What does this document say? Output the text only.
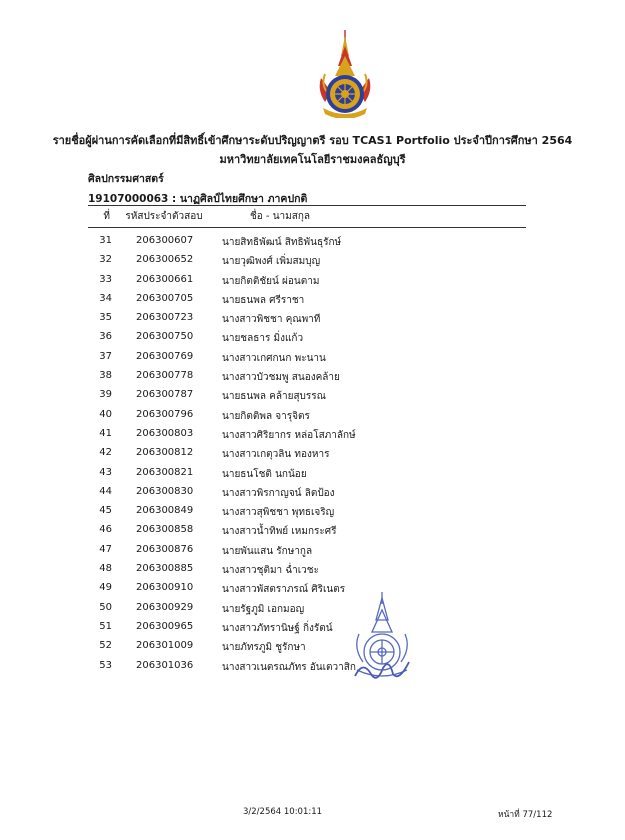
รายชื่อผู้ผ่านการคัดเลือกที่มีสิทธิ์เข้าศึกษาระดับปริญญาตรี รอบ TCAS1 Portfolio ประจำปีการศึกษา 2564
มหาวิทยาลัยเทคโนโลยีราชมงคลธัญบุรี
ศิลปกรรมศาสตร์
19107000063 : นาฏศิลป์ไทยศึกษา ภาคปกติ
ที่ รหัสประจำตัวสอบ	ชื่อ - นามสกุล
31 206300607	นายสิทธิพัฒน์ สิทธิพันธุรักษ์
32 206300652	นายวุฒิพงศ์ เพิ่มสมบุญ
33 206300661	นายกิตติชัยน์ ผ่อนตาม
34 206300705	นายธนพล ศรีราชา
35 206300723	นางสาวพิชชา คุณพาที
36 206300750	นายชลธาร มิ่งแก้ว
37 206300769	นางสาวเกศกนก พะนาน
38 206300778	นางสาวบัวชมพู สนองคล้าย
39 206300787	นายธนพล คล้ายสุบรรณ
40 206300796	นายกิตติพล จารุจิตร
41 206300803	นางสาวศิริยากร หล่อโสภาลักษ์
42 206300812	นางสาวเกตุวลิน ทองหาร
43 206300821	นายธนโชติ นกน้อย
44 206300830	นางสาวพิรกาญจน์ ลิตป้อง
45 206300849	นางสาวสุพิชชา พุทธเจริญ
46 206300858	นางสาวน้ำทิพย์ เหมกระศรี
47 206300876	นายพันแสน รักษากูล
48 206300885	นางสาวชุติมา ฉ่ำเวชะ
49 206300910	นางสาวพัสตราภรณ์ ศิริเนตร
50 206300929	นายรัฐภูมิ เอกมอญ
51 206300965	นางสาวภัทรานิษฐ์ กิ่งรัตน์
52 206301009	นายภัทรภูมิ ชูรักษา
53 206301036	นางสาวเนตรณภัทร อันเตวาสิก
3/2/2564 10:01:11	หน้าที่ 77/112
